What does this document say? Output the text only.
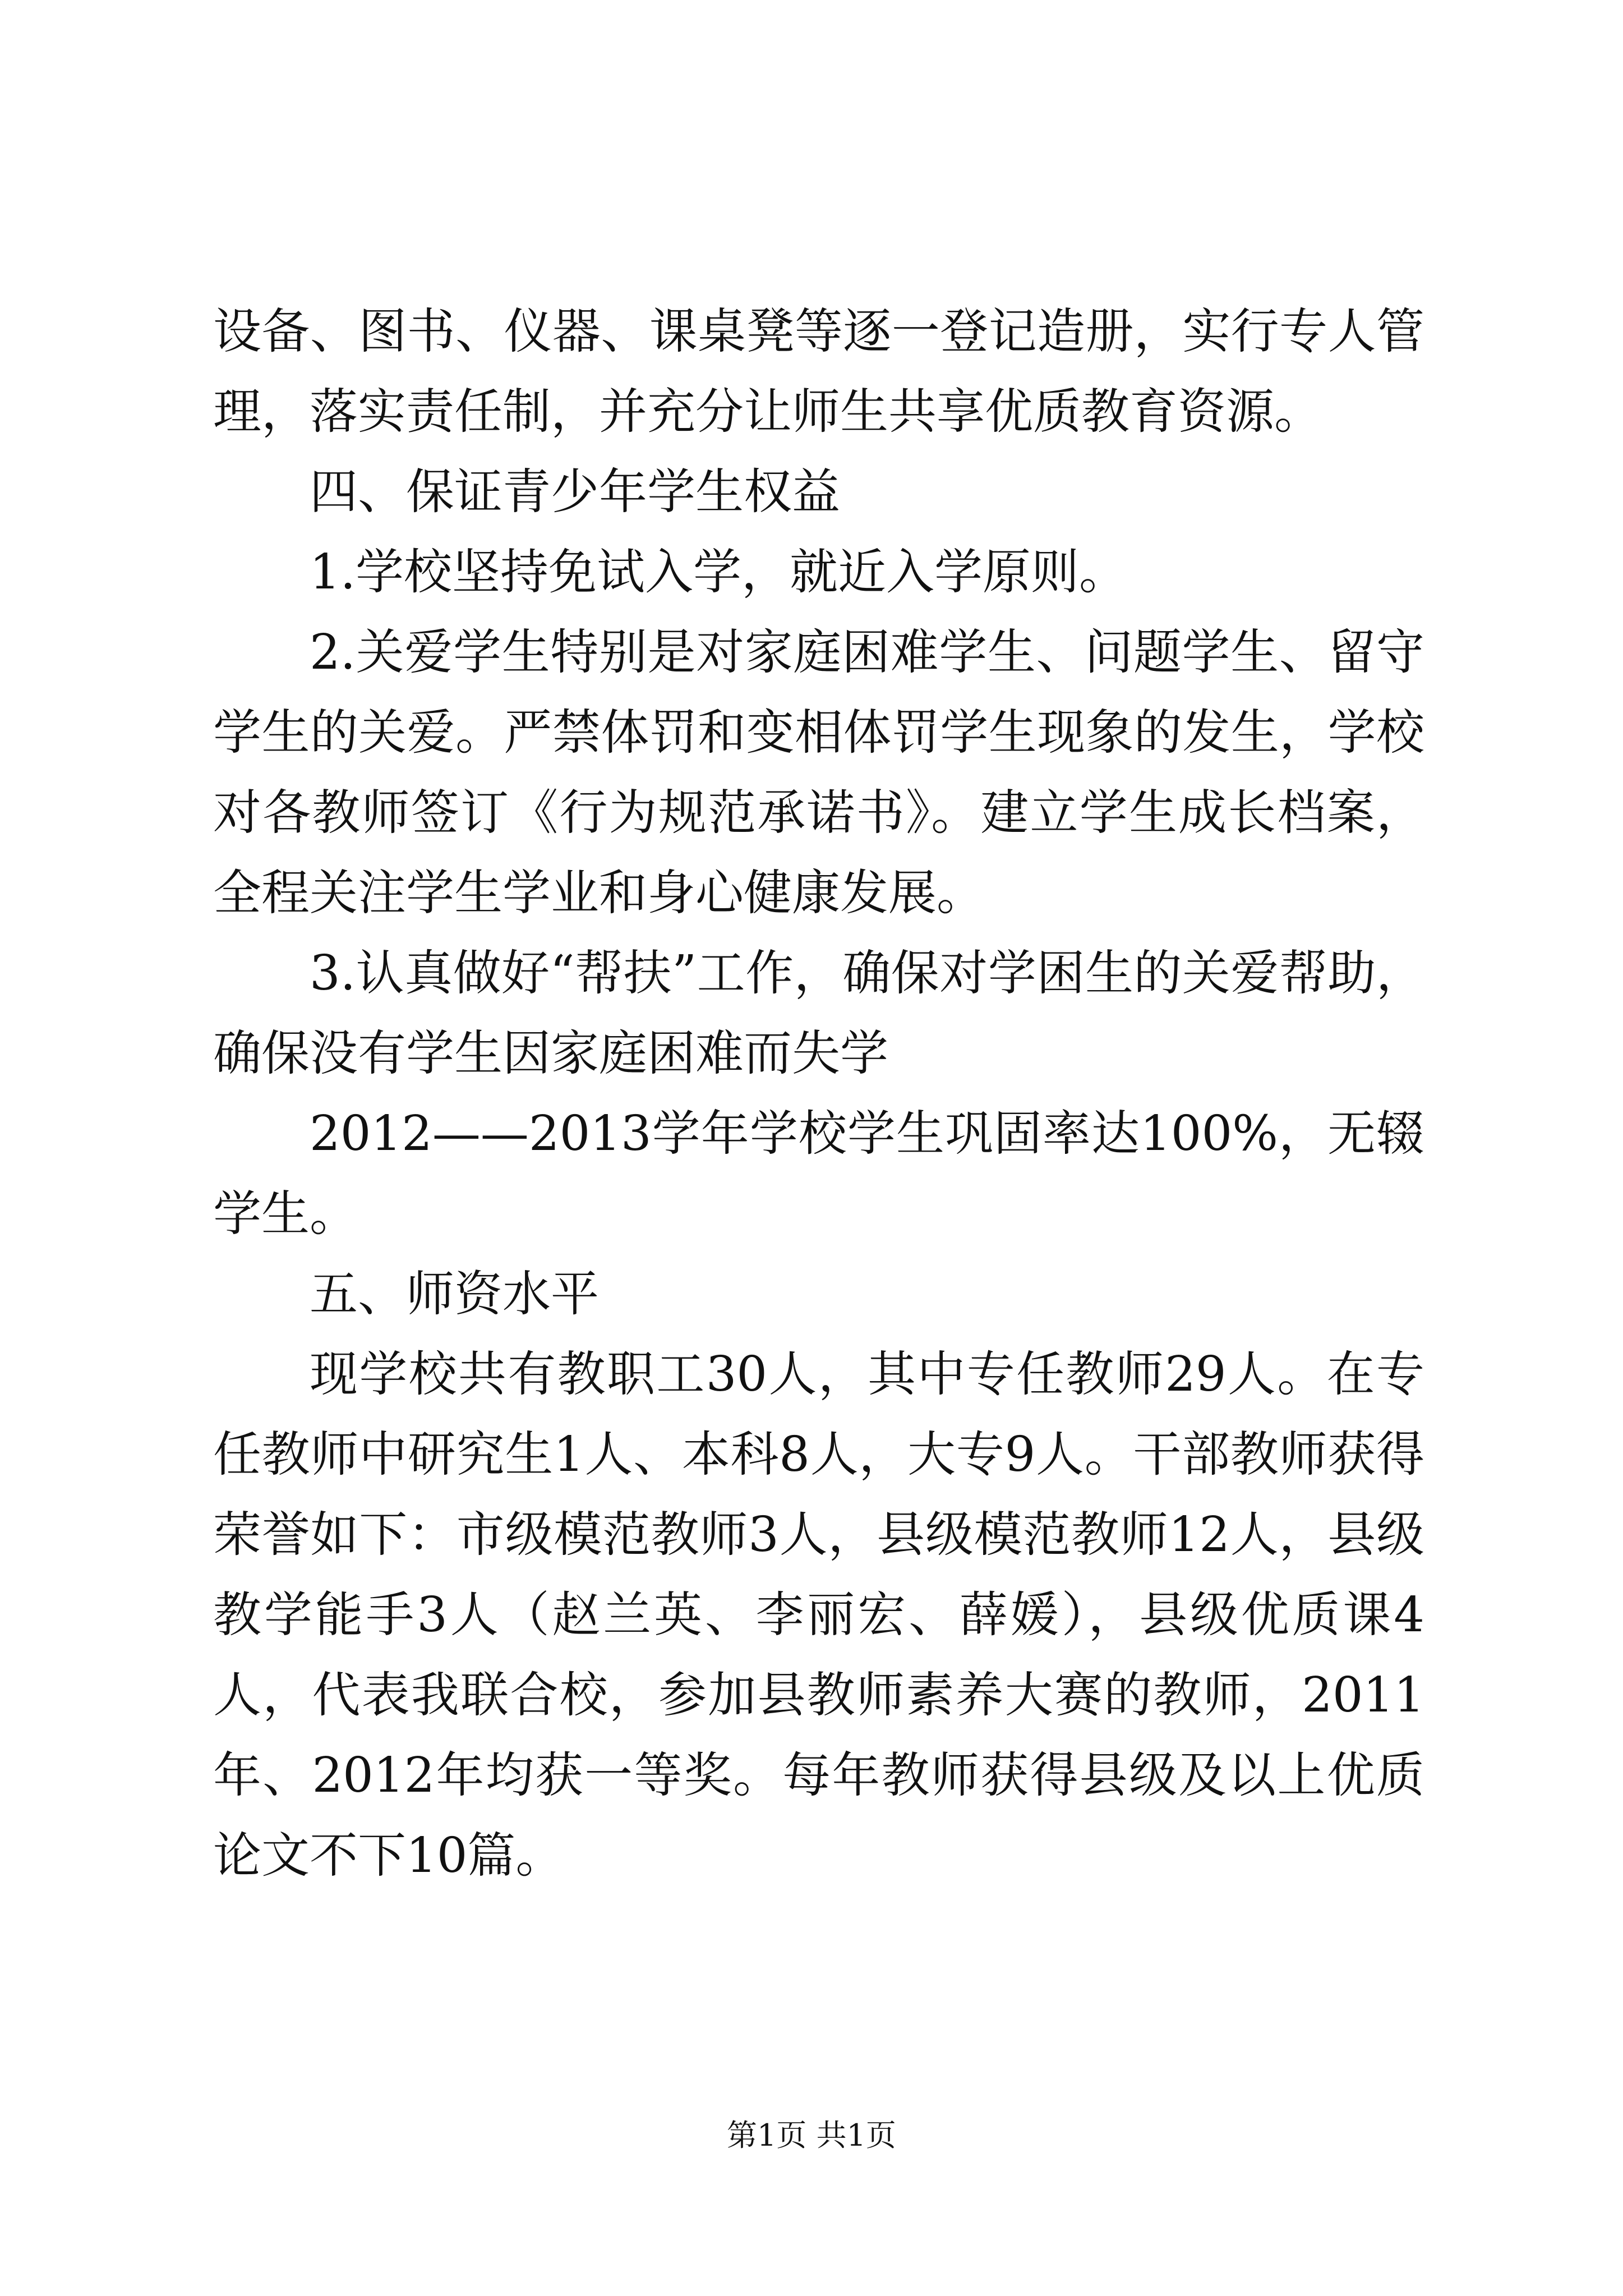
设备、图书、仪器、课桌凳等逐一登记造册，实行专人管理，落实责任制，并充分让师生共享优质教育资源。

四、保证青少年学生权益

1.学校坚持免试入学，就近入学原则。

2.关爱学生特别是对家庭困难学生、问题学生、留守学生的关爱。严禁体罚和变相体罚学生现象的发生，学校对各教师签订《行为规范承诺书》。建立学生成长档案，全程关注学生学业和身心健康发展。

3.认真做好“帮扶”工作，确保对学困生的关爱帮助，确保没有学生因家庭困难而失学

2012——2013学年学校学生巩固率达100%，无辍学生。

五、师资水平

现学校共有教职工30人，其中专任教师29人。在专任教师中研究生1人、本科8人，大专9人。干部教师获得荣誉如下：市级模范教师3人，县级模范教师12人，县级教学能手3人（赵兰英、李丽宏、薛媛），县级优质课4人，代表我联合校，参加县教师素养大赛的教师，2011年、2012年均获一等奖。每年教师获得县级及以上优质论文不下10篇。

第1页 共1页
